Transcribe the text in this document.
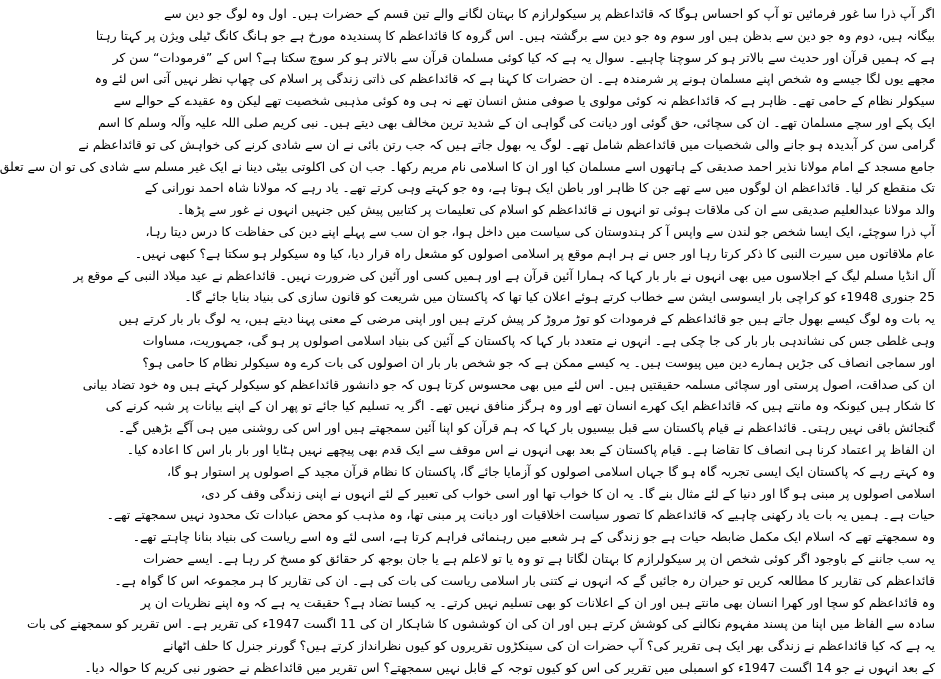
اگر آپ ذرا سا غور فرمائیں تو آپ کو احساس ہوگا کہ قائداعظم پر سیکولرازم کا بہتان لگانے والے تین قسم کے حضرات ہیں۔ اول وہ لوگ جو دین سے
بیگانہ ہیں، دوم وہ جو دین سے بدظن ہیں اور سوم وہ جو دین سے برگشتہ ہیں۔ اس گروہ کا قائداعظم کا پسندیدہ مورخ ہے جو ہانگ کانگ ٹیلی ویژن پر کہتا رہتا
ہے کہ ہمیں قرآن اور حدیث سے بالاتر ہو کر سوچنا چاہیے۔ سوال یہ ہے کہ کیا کوئی مسلمان قرآن سے بالاتر ہو کر سوچ سکتا ہے؟ اس کے ”فرمودات“ سن کر
مجھے یوں لگا جیسے وہ شخص اپنے مسلمان ہونے پر شرمندہ ہے۔ ان حضرات کا کہنا ہے کہ قائداعظم کی ذاتی زندگی پر اسلام کی چھاپ نظر نہیں آتی اس لئے وہ
سیکولر نظام کے حامی تھے۔ ظاہر ہے کہ قائداعظم نہ کوئی مولوی یا صوفی منش انسان تھے نہ ہی وہ کوئی مذہبی شخصیت تھے لیکن وہ عقیدے کے حوالے سے
ایک پکے اور سچے مسلمان تھے۔ ان کی سچائی، حق گوئی اور دیانت کی گواہی ان کے شدید ترین مخالف بھی دیتے ہیں۔ نبی کریم صلی اللہ علیہ وآلہ وسلم کا اسم
گرامی سن کر آبدیدہ ہو جانے والی شخصیات میں قائداعظم شامل تھے۔ لوگ یہ بھول جاتے ہیں کہ جب رتن بائی نے ان سے شادی کرنے کی خواہش کی تو قائداعظم نے
جامع مسجد کے امام مولانا نذیر احمد صدیقی کے ہاتھوں اسے مسلمان کیا اور ان کا اسلامی نام مریم رکھا۔ جب ان کی اکلوتی بیٹی دینا نے ایک غیر مسلم سے شادی کی تو ان سے تعلق
تک منقطع کر لیا۔ قائداعظم ان لوگوں میں سے تھے جن کا ظاہر اور باطن ایک ہوتا ہے، وہ جو کہتے وہی کرتے تھے۔ یاد رہے کہ مولانا شاہ احمد نورانی کے
والد مولانا عبدالعلیم صدیقی سے ان کی ملاقات ہوئی تو انہوں نے قائداعظم کو اسلام کی تعلیمات پر کتابیں پیش کیں جنہیں انہوں نے غور سے پڑھا۔
آپ ذرا سوچئے، ایک ایسا شخص جو لندن سے واپس آ کر ہندوستان کی سیاست میں داخل ہوا، جو ان سب سے پہلے اپنے دین کی حفاظت کا درس دیتا رہا،
عام ملاقاتوں میں سیرت النبی کا ذکر کرتا رہا اور جس نے ہر اہم موقع پر اسلامی اصولوں کو مشعل راہ قرار دیا، کیا وہ سیکولر ہو سکتا ہے؟ کبھی نہیں۔
آل انڈیا مسلم لیگ کے اجلاسوں میں بھی انہوں نے بار بار کہا کہ ہمارا آئین قرآن ہے اور ہمیں کسی اور آئین کی ضرورت نہیں۔ قائداعظم نے عید میلاد النبی کے موقع پر
25 جنوری 1948ء کو کراچی بار ایسوسی ایشن سے خطاب کرتے ہوئے اعلان کیا تھا کہ پاکستان میں شریعت کو قانون سازی کی بنیاد بنایا جائے گا۔
یہ بات وہ لوگ کیسے بھول جاتے ہیں جو قائداعظم کے فرمودات کو توڑ مروڑ کر پیش کرتے ہیں اور اپنی مرضی کے معنی پہنا دیتے ہیں، یہ لوگ بار بار کرتے ہیں
وہی غلطی جس کی نشاندہی بار بار کی جا چکی ہے۔ انہوں نے متعدد بار کہا کہ پاکستان کے آئین کی بنیاد اسلامی اصولوں پر ہو گی، جمہوریت، مساوات
اور سماجی انصاف کی جڑیں ہمارے دین میں پیوست ہیں۔ یہ کیسے ممکن ہے کہ جو شخص بار بار ان اصولوں کی بات کرے وہ سیکولر نظام کا حامی ہو؟
ان کی صداقت، اصول پرستی اور سچائی مسلمہ حقیقتیں ہیں۔ اس لئے میں بھی محسوس کرتا ہوں کہ جو دانشور قائداعظم کو سیکولر کہتے ہیں وہ خود تضاد بیانی
کا شکار ہیں کیونکہ وہ مانتے ہیں کہ قائداعظم ایک کھرے انسان تھے اور وہ ہرگز منافق نہیں تھے۔ اگر یہ تسلیم کیا جائے تو پھر ان کے اپنے بیانات پر شبہ کرنے کی
گنجائش باقی نہیں رہتی۔ قائداعظم نے قیام پاکستان سے قبل بیسیوں بار کہا کہ ہم قرآن کو اپنا آئین سمجھتے ہیں اور اس کی روشنی میں ہی آگے بڑھیں گے۔
ان الفاظ پر اعتماد کرنا ہی انصاف کا تقاضا ہے۔ قیام پاکستان کے بعد بھی انہوں نے اس موقف سے ایک قدم بھی پیچھے نہیں ہٹایا اور بار بار اس کا اعادہ کیا۔
وہ کہتے رہے کہ پاکستان ایک ایسی تجربہ گاہ ہو گا جہاں اسلامی اصولوں کو آزمایا جائے گا، پاکستان کا نظام قرآن مجید کے اصولوں پر استوار ہو گا،
اسلامی اصولوں پر مبنی ہو گا اور دنیا کے لئے مثال بنے گا۔ یہ ان کا خواب تھا اور اسی خواب کی تعبیر کے لئے انہوں نے اپنی زندگی وقف کر دی،
حیات ہے۔ ہمیں یہ بات یاد رکھنی چاہیے کہ قائداعظم کا تصور سیاست اخلاقیات اور دیانت پر مبنی تھا، وہ مذہب کو محض عبادات تک محدود نہیں سمجھتے تھے۔
وہ سمجھتے تھے کہ اسلام ایک مکمل ضابطہ حیات ہے جو زندگی کے ہر شعبے میں رہنمائی فراہم کرتا ہے، اسی لئے وہ اسے ریاست کی بنیاد بنانا چاہتے تھے۔
یہ سب جاننے کے باوجود اگر کوئی شخص ان پر سیکولرازم کا بہتان لگاتا ہے تو وہ یا تو لاعلم ہے یا جان بوجھ کر حقائق کو مسخ کر رہا ہے۔ ایسے حضرات
قائداعظم کی تقاریر کا مطالعہ کریں تو حیران رہ جائیں گے کہ انہوں نے کتنی بار اسلامی ریاست کی بات کی ہے۔ ان کی تقاریر کا ہر مجموعہ اس کا گواہ ہے۔
وہ قائداعظم کو سچا اور کھرا انسان بھی مانتے ہیں اور ان کے اعلانات کو بھی تسلیم نہیں کرتے۔ یہ کیسا تضاد ہے؟ حقیقت یہ ہے کہ وہ اپنے نظریات ان پر
سادہ سے الفاظ میں اپنا من پسند مفہوم نکالنے کی کوشش کرتے ہیں اور ان کی ان کوششوں کا شاہکار ان کی 11 اگست 1947ء کی تقریر ہے۔ اس تقریر کو سمجھنے کی بات
یہ ہے کہ کیا قائداعظم نے زندگی بھر ایک ہی تقریر کی؟ آپ حضرات ان کی سینکڑوں تقریروں کو کیوں نظرانداز کرتے ہیں؟ گورنر جنرل کا حلف اٹھانے
کے بعد انہوں نے جو 14 اگست 1947ء کو اسمبلی میں تقریر کی اس کو کیوں توجہ کے قابل نہیں سمجھتے؟ اس تقریر میں قائداعظم نے حضور نبی کریم کا حوالہ دیا۔
